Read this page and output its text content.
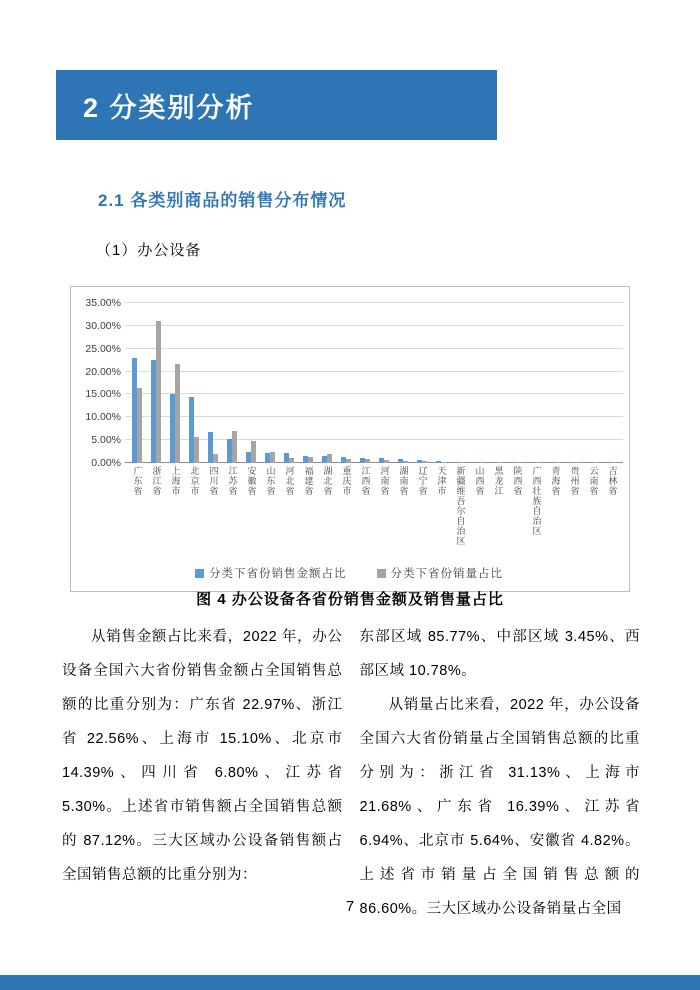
2 分类别分析
2.1 各类别商品的销售分布情况
（1）办公设备
35.00%
30.00%
25.00%
20.00%
15.00%
10.00%
5.00%
0.00%
广东省 浙江省 上海市 北京市 四川省 江苏省 安徽省 山东省 河北省 福建省 湖北省 重庆市 江西省 河南省 湖南省 辽宁省 天津市 新疆维吾尔自治区 山西省 黑龙江 陕西省 广西壮族自治区 青海省 贵州省 云南省 吉林省
分类下省份销售金额占比	分类下省份销量占比
图 4 办公设备各省份销售金额及销售量占比

从销售金额占比来看，2022 年，办公设备全国六大省份销售金额占全国销售总额的比重分别为：广东省 22.97%、浙江省 22.56%、上海市 15.10%、北京市 14.39%、四川省 6.80%、江苏省 5.30%。上述省市销售额占全国销售总额的 87.12%。三大区域办公设备销售额占全国销售总额的比重分别为：

东部区域 85.77%、中部区域 3.45%、西部区域 10.78%。

从销量占比来看，2022 年，办公设备全国六大省份销量占全国销售总额的比重分别为：浙江省 31.13%、上海市 21.68%、广东省 16.39%、江苏省 6.94%、北京市 5.64%、安徽省 4.82%。上述省市销量占全国销售总额的 86.60%。三大区域办公设备销量占全国

7
